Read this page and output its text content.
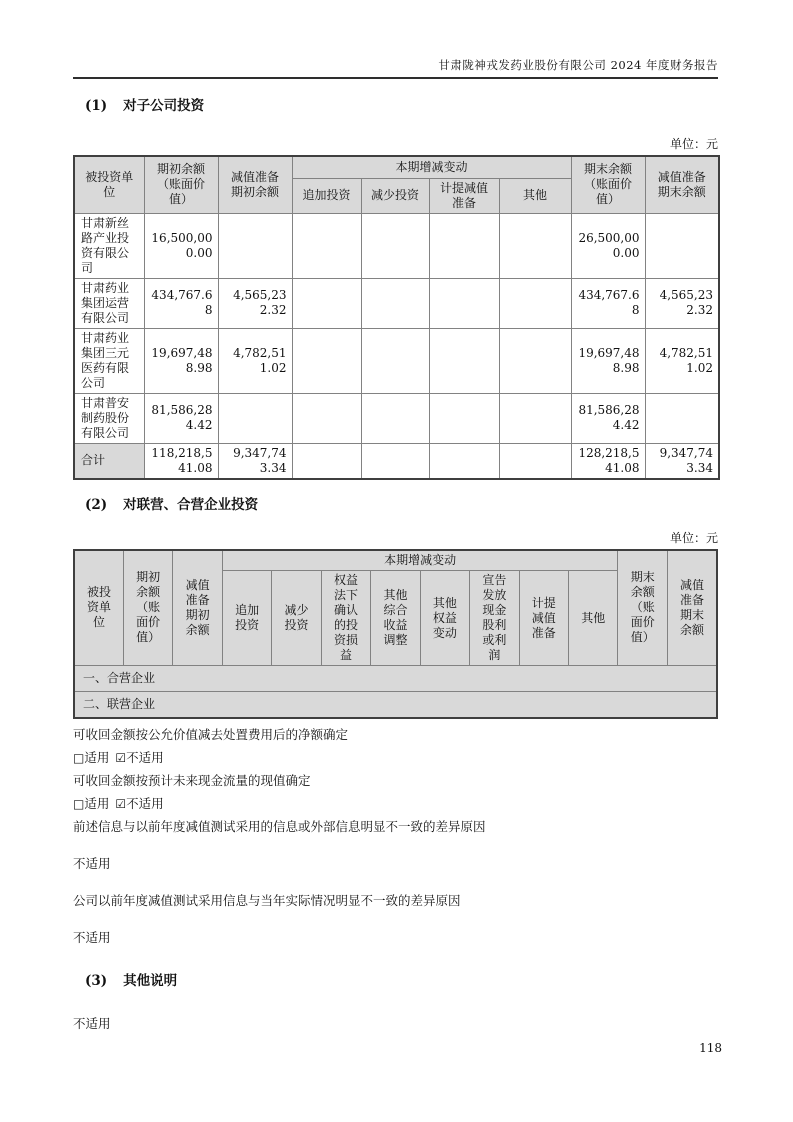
甘肃陇神戎发药业股份有限公司 2024 年度财务报告
(1) 对子公司投资
单位：元
被投资单位	期初余额（账面价值）	减值准备期初余额	本期增减变动				期末余额（账面价值）	减值准备期末余额
			追加投资	减少投资	计提减值准备	其他		
甘肃新丝路产业投资有限公司	16,500,000.00						26,500,000.00	
甘肃药业集团运营有限公司	434,767.68	4,565,232.32					434,767.68	4,565,232.32
甘肃药业集团三元医药有限公司	19,697,488.98	4,782,511.02					19,697,488.98	4,782,511.02
甘肃普安制药股份有限公司	81,586,284.42						81,586,284.42	
合计	118,218,541.08	9,347,743.34					128,218,541.08	9,347,743.34
(2) 对联营、合营企业投资
单位：元
被投资单位	期初余额（账面价值）	减值准备期初余额	本期增减变动								期末余额（账面价值）	减值准备期末余额
			追加投资	减少投资	权益法下确认的投资损益	其他综合收益调整	其他权益变动	宣告发放现金股利或利润	计提减值准备	其他		
一、合营企业												
二、联营企业												

可收回金额按公允价值减去处置费用后的净额确定

□适用 ☑不适用

可收回金额按预计未来现金流量的现值确定

□适用 ☑不适用

前述信息与以前年度减值测试采用的信息或外部信息明显不一致的差异原因

不适用

公司以前年度减值测试采用信息与当年实际情况明显不一致的差异原因

不适用

(3) 其他说明

不适用

118
